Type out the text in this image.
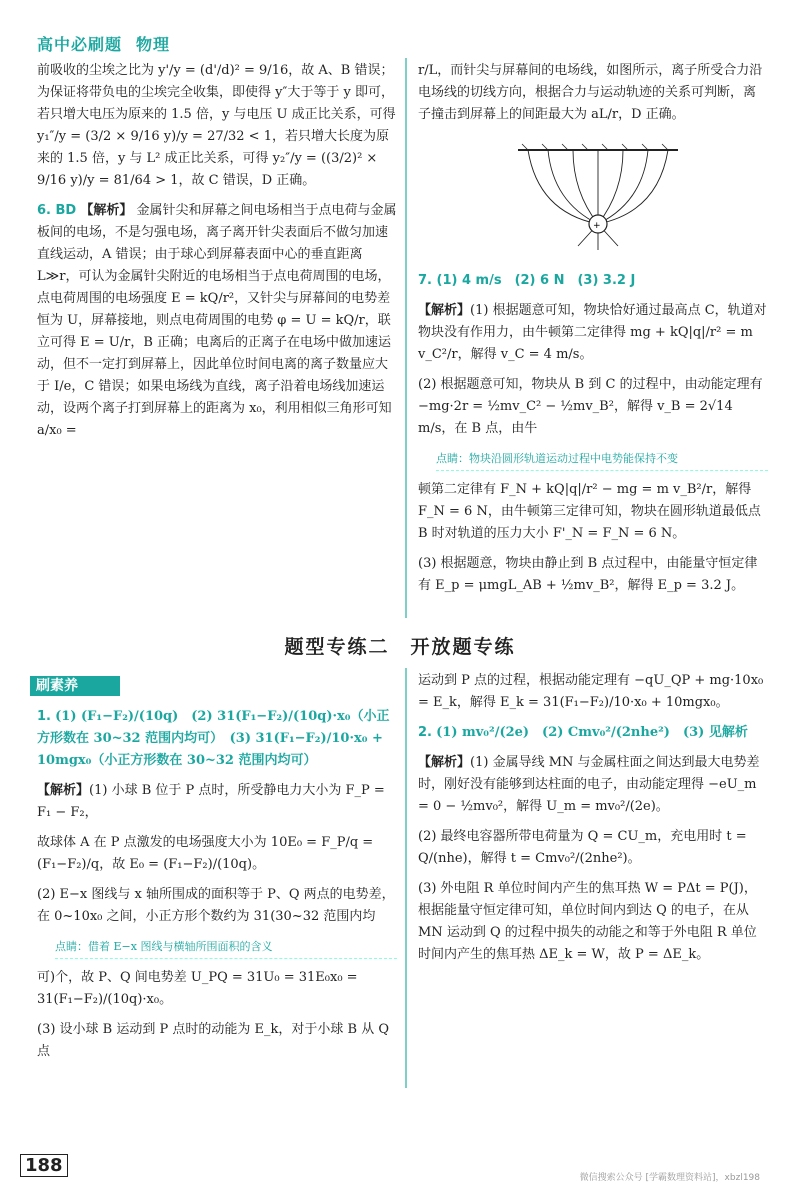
高中必刷题 物理

前吸收的尘埃之比为 y'/y = (d'/d)² = 9/16，故 A、B 错误；为保证将带负电的尘埃完全收集，即使得 y″大于等于 y 即可，若只增大电压为原来的 1.5 倍，y 与电压 U 成正比关系，可得 y₁″/y = (3/2 × 9/16 y)/y = 27/32 < 1，若只增大长度为原来的 1.5 倍，y 与 L² 成正比关系，可得 y₂″/y = ((3/2)² × 9/16 y)/y = 81/64 > 1，故 C 错误，D 正确。

6. BD 【解析】 金属针尖和屏幕之间电场相当于点电荷与金属板间的电场，不是匀强电场，离子离开针尖表面后不做匀加速直线运动，A 错误；由于球心到屏幕表面中心的垂直距离 L≫r，可认为金属针尖附近的电场相当于点电荷周围的电场，点电荷周围的电场强度 E = kQ/r²，又针尖与屏幕间的电势差恒为 U，屏幕接地，则点电荷周围的电势 φ = U = kQ/r，联立可得 E = U/r，B 正确；电离后的正离子在电场中做加速运动，但不一定打到屏幕上，因此单位时间电离的离子数量应大于 I/e，C 错误；如果电场线为直线，离子沿着电场线加速运动，设两个离子打到屏幕上的距离为 x₀，利用相似三角形可知 a/x₀ =

r/L，而针尖与屏幕间的电场线，如图所示，离子所受合力沿电场线的切线方向，根据合力与运动轨迹的关系可判断，离子撞击到屏幕上的间距最大为 aL/r，D 正确。

+

7. (1) 4 m/s　(2) 6 N　(3) 3.2 J

【解析】(1) 根据题意可知，物块恰好通过最高点 C，轨道对物块没有作用力，由牛顿第二定律得 mg + kQ|q|/r² = m v_C²/r，解得 v_C = 4 m/s。

(2) 根据题意可知，物块从 B 到 C 的过程中，由动能定理有 −mg·2r = ½mv_C² − ½mv_B²，解得 v_B = 2√14 m/s，在 B 点，由牛

点睛：物块沿圆形轨道运动过程中电势能保持不变

顿第二定律有 F_N + kQ|q|/r² − mg = m v_B²/r，解得 F_N = 6 N，由牛顿第三定律可知，物块在圆形轨道最低点 B 时对轨道的压力大小 F'_N = F_N = 6 N。

(3) 根据题意，物块由静止到 B 点过程中，由能量守恒定律有 E_p = μmgL_AB + ½mv_B²，解得 E_p = 3.2 J。

题型专练二　开放题专练
刷素养

1. (1) (F₁−F₂)/(10q)　(2) 31(F₁−F₂)/(10q)·x₀（小正方形数在 30~32 范围内均可）　(3) 31(F₁−F₂)/10·x₀ + 10mgx₀（小正方形数在 30~32 范围内均可）

【解析】(1) 小球 B 位于 P 点时，所受静电力大小为 F_P = F₁ − F₂，

故球体 A 在 P 点激发的电场强度大小为 10E₀ = F_P/q = (F₁−F₂)/q，故 E₀ = (F₁−F₂)/(10q)。

(2) E−x 图线与 x 轴所围成的面积等于 P、Q 两点的电势差，在 0~10x₀ 之间，小正方形个数约为 31(30~32 范围内均

点睛：借着 E−x 图线与横轴所围面积的含义

可)个，故 P、Q 间电势差 U_PQ = 31U₀ = 31E₀x₀ = 31(F₁−F₂)/(10q)·x₀。

(3) 设小球 B 运动到 P 点时的动能为 E_k，对于小球 B 从 Q 点

运动到 P 点的过程，根据动能定理有 −qU_QP + mg·10x₀ = E_k，解得 E_k = 31(F₁−F₂)/10·x₀ + 10mgx₀。

2. (1) mv₀²/(2e)　(2) Cmv₀²/(2nhe²)　(3) 见解析

【解析】(1) 金属导线 MN 与金属柱面之间达到最大电势差时，刚好没有能够到达柱面的电子，由动能定理得 −eU_m = 0 − ½mv₀²，解得 U_m = mv₀²/(2e)。

(2) 最终电容器所带电荷量为 Q = CU_m，充电用时 t = Q/(nhe)，解得 t = Cmv₀²/(2nhe²)。

(3) 外电阻 R 单位时间内产生的焦耳热 W = PΔt = P(J)，根据能量守恒定律可知，单位时间内到达 Q 的电子，在从 MN 运动到 Q 的过程中损失的动能之和等于外电阻 R 单位时间内产生的焦耳热 ΔE_k = W，故 P = ΔE_k。

188
微信搜索公众号 [学霸数理资料站]，xbzl198
